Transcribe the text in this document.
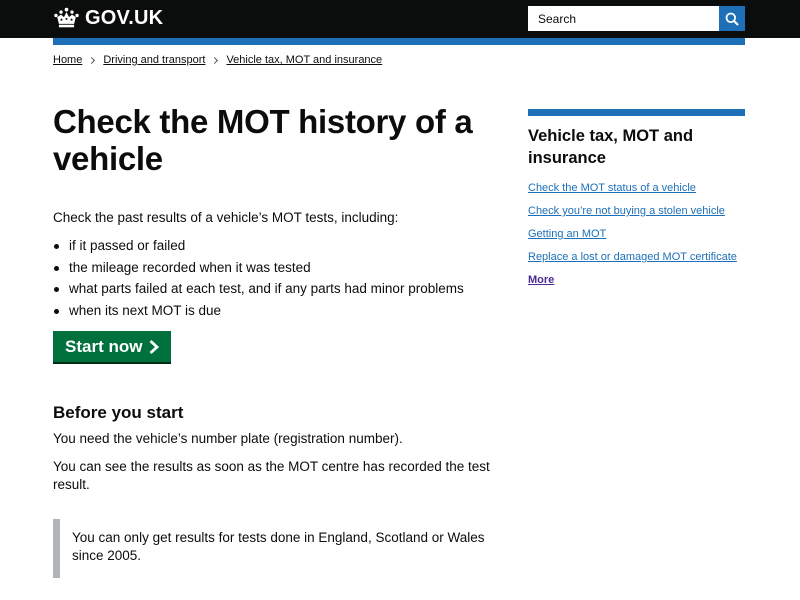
GOV.UK
Search
Home Driving and transport Vehicle tax, MOT and insurance
Check the MOT history of a vehicle

Check the past results of a vehicle’s MOT tests, including:

if it passed or failed
the mileage recorded when it was tested
what parts failed at each test, and if any parts had minor problems
when its next MOT is due
Start now
Before you start

You need the vehicle’s number plate (registration number).

You can see the results as soon as the MOT centre has recorded the test result.

You can only get results for tests done in England, Scotland or Wales since 2005.

Vehicle tax, MOT and insurance
Check the MOT status of a vehicle
Check you’re not buying a stolen vehicle
Getting an MOT
Replace a lost or damaged MOT certificate
More
